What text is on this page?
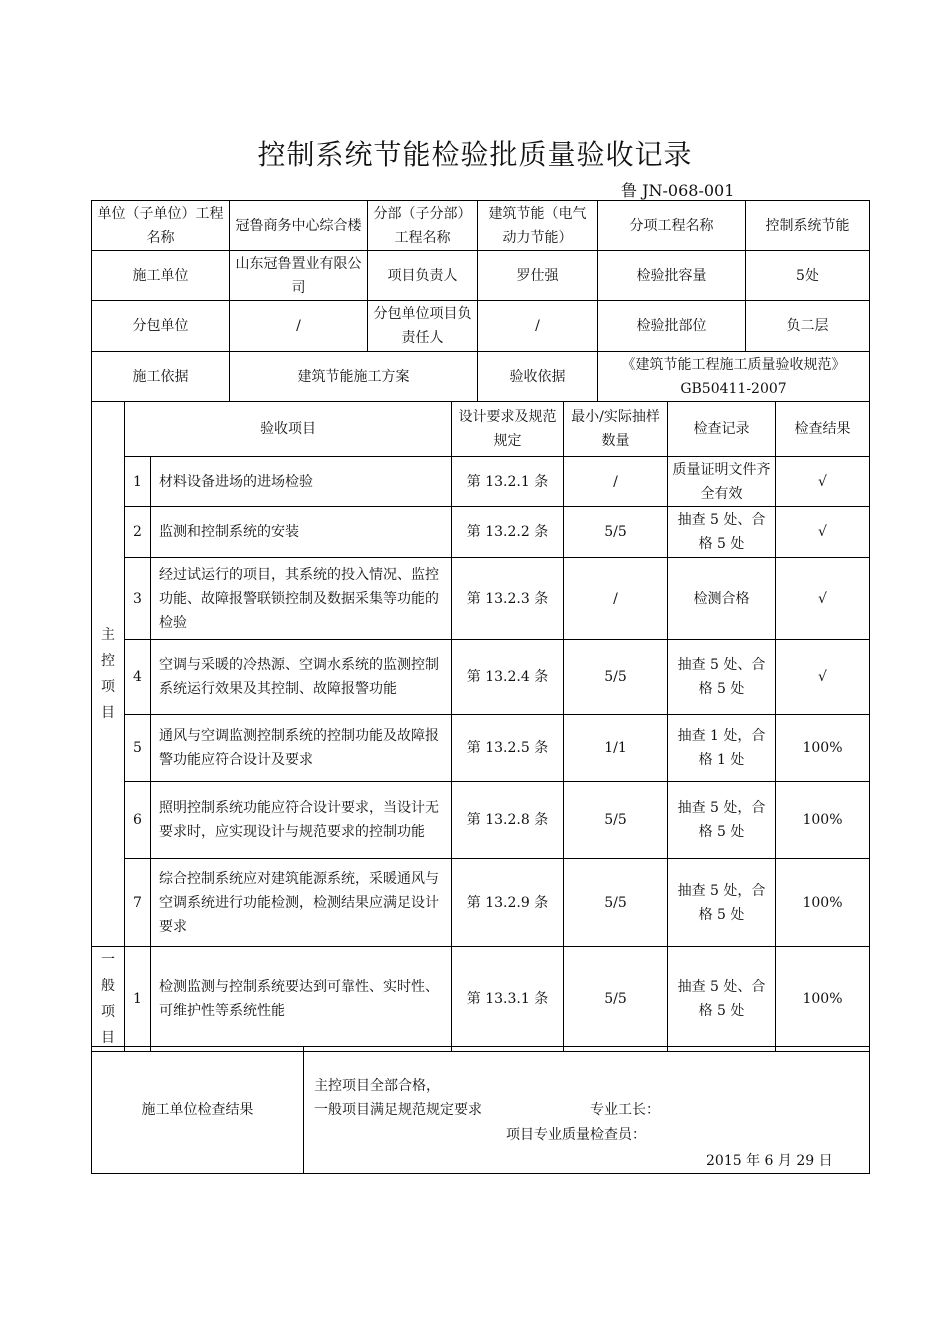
控制系统节能检验批质量验收记录
鲁 JN-068-001
单位（子单位）工程名称	冠鲁商务中心综合楼	分部（子分部）工程名称	建筑节能（电气动力节能）	分项工程名称	控制系统节能
施工单位	山东冠鲁置业有限公司	项目负责人	罗仕强	检验批容量	5处
分包单位	/	分包单位项目负责任人	/	检验批部位	负二层
施工依据	建筑节能施工方案		验收依据	《建筑节能工程施工质量验收规范》GB50411-2007	
主
控
项
目	验收项目		设计要求及规范规定	最小/实际抽样数量	检查记录	检查结果
	1	材料设备进场的进场检验	第 13.2.1 条	/	质量证明文件齐全有效	√
	2	监测和控制系统的安装	第 13.2.2 条	5/5	抽查 5 处、合格 5 处	√
	3	经过试运行的项目，其系统的投入情况、监控功能、故障报警联锁控制及数据采集等功能的检验	第 13.2.3 条	/	检测合格	√
	4	空调与采暖的冷热源、空调水系统的监测控制系统运行效果及其控制、故障报警功能	第 13.2.4 条	5/5	抽查 5 处、合格 5 处	√
	5	通风与空调监测控制系统的控制功能及故障报警功能应符合设计及要求	第 13.2.5 条	1/1	抽查 1 处，合格 1 处	100%
	6	照明控制系统功能应符合设计要求，当设计无要求时，应实现设计与规范要求的控制功能	第 13.2.8 条	5/5	抽查 5 处，合格 5 处	100%
	7	综合控制系统应对建筑能源系统，采暖通风与空调系统进行功能检测，检测结果应满足设计要求	第 13.2.9 条	5/5	抽查 5 处，合格 5 处	100%
一
般
项
目	1	检测监测与控制系统要达到可靠性、实时性、可维护性等系统性能	第 13.3.1 条	5/5	抽查 5 处、合格 5 处	100%
施工单位检查结果	
主控项目全部合格，
一般项目满足规范规定要求	专业工长：
项目专业质量检查员：
2015 年 6 月 29 日
